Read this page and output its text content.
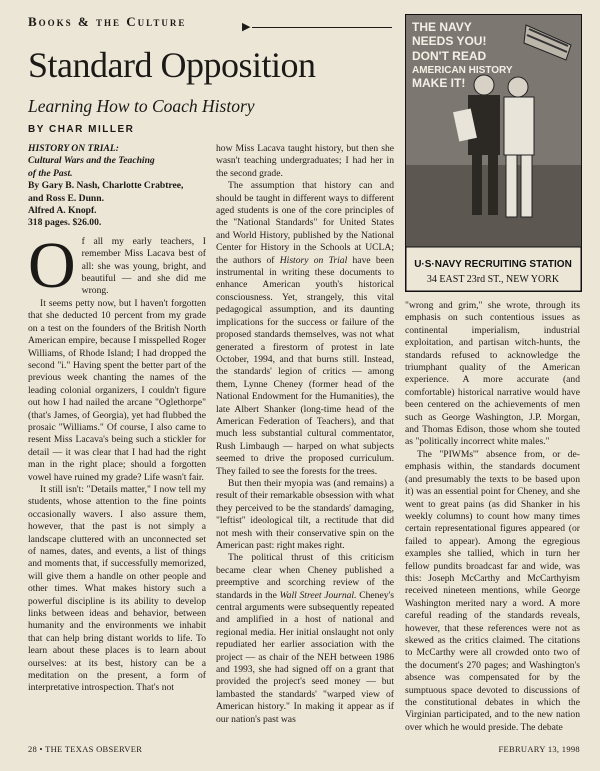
Books & the Culture	▶
Standard Opposition
Learning How to Coach History
BY CHAR MILLER
HISTORY ON TRIAL:
Cultural Wars and the Teaching
of the Past.
By Gary B. Nash, Charlotte Crabtree,
and Ross E. Dunn.
Alfred A. Knopf.
318 pages. $26.00.
O f all my early teachers, I remember Miss Lacava best of all: she was young, bright, and beautiful — and she did me wrong.

It seems petty now, but I haven't forgotten that she deducted 10 percent from my grade on a test on the founders of the British North American empire, because I misspelled Roger Williams, of Rhode Island; I had dropped the second "i." Having spent the better part of the previous week chanting the names of the leading colonial organizers, I couldn't figure out how I had nailed the arcane "Oglethorpe" (that's James, of Georgia), yet had flubbed the prosaic "Williams." Of course, I also came to resent Miss Lacava's being such a stickler for detail — it was clear that I had had the right man in the right place; should a forgotten vowel have ruined my grade? Life wasn't fair.

It still isn't: "Details matter," I now tell my students, whose attention to the fine points occasionally wavers. I also assure them, however, that the past is not simply a landscape cluttered with an unconnected set of names, dates, and events, a list of things and moments that, if successfully memorized, will give them a handle on other people and other times. What makes history such a powerful discipline is its ability to develop links between ideas and behavior, between humanity and the environments we inhabit that can help bring distant worlds to life. To learn about these places is to learn about ourselves: at its best, history can be a meditation on the present, a form of interpretative introspection. That's not

how Miss Lacava taught history, but then she wasn't teaching undergraduates; I had her in the second grade.

The assumption that history can and should be taught in different ways to different aged students is one of the core principles of the "National Standards" for United States and World History, published by the National Center for History in the Schools at UCLA; the authors of History on Trial have been instrumental in writing these documents to enhance American youth's historical consciousness. Yet, strangely, this vital pedagogical assumption, and its daunting implications for the success or failure of the proposed standards themselves, was not what generated a firestorm of protest in late October, 1994, and that burns still. Instead, the standards' legion of critics — among them, Lynne Cheney (former head of the National Endowment for the Humanities), the late Albert Shanker (long-time head of the American Federation of Teachers), and that much less substantial cultural commentator, Rush Limbaugh — harped on what subjects seemed to drive the proposed curriculum. They failed to see the forests for the trees.

But then their myopia was (and remains) a result of their remarkable obsession with what they perceived to be the standards' damaging, "leftist" ideological tilt, a rectitude that did not mesh with their conservative spin on the American past: right makes right.

The political thrust of this criticism became clear when Cheney published a preemptive and scorching review of the standards in the Wall Street Journal. Cheney's central arguments were subsequently repeated and amplified in a host of national and regional media. Her initial onslaught not only repudiated her earlier association with the project — as chair of the NEH between 1986 and 1993, she had signed off on a grant that provided the project's seed money — but lambasted the standards' "warped view of American history." In making it appear as if our nation's past was

THE NAVY
NEEDS YOU!
DON'T READ
AMERICAN HISTORY
MAKE IT!
U·S·NAVY RECRUITING STATION
34 EAST 23rd ST., NEW YORK

"wrong and grim," she wrote, through its emphasis on such contentious issues as continental imperialism, industrial exploitation, and partisan witch-hunts, the standards refused to acknowledge the triumphant quality of the American experience. A more accurate (and comfortable) historical narrative would have been centered on the achievements of men such as George Washington, J.P. Morgan, and Thomas Edison, those whom she touted as "politically incorrect white males."

The "PIWMs'" absence from, or de-emphasis within, the standards document (and presumably the texts to be based upon it) was an essential point for Cheney, and she went to great pains (as did Shanker in his weekly columns) to count how many times certain representational figures appeared (or failed to appear). Among the egregious examples she tallied, which in turn her fellow pundits broadcast far and wide, was this: Joseph McCarthy and McCarthyism received nineteen mentions, while George Washington merited nary a word. A more careful reading of the standards reveals, however, that these references were not as skewed as the critics claimed. The citations to McCarthy were all crowded onto two of the document's 270 pages; and Washington's absence was compensated for by the sumptuous space devoted to discussions of the constitutional debates in which the Virginian participated, and to the new nation over which he would preside. The debate

28 • THE TEXAS OBSERVER	FEBRUARY 13, 1998
